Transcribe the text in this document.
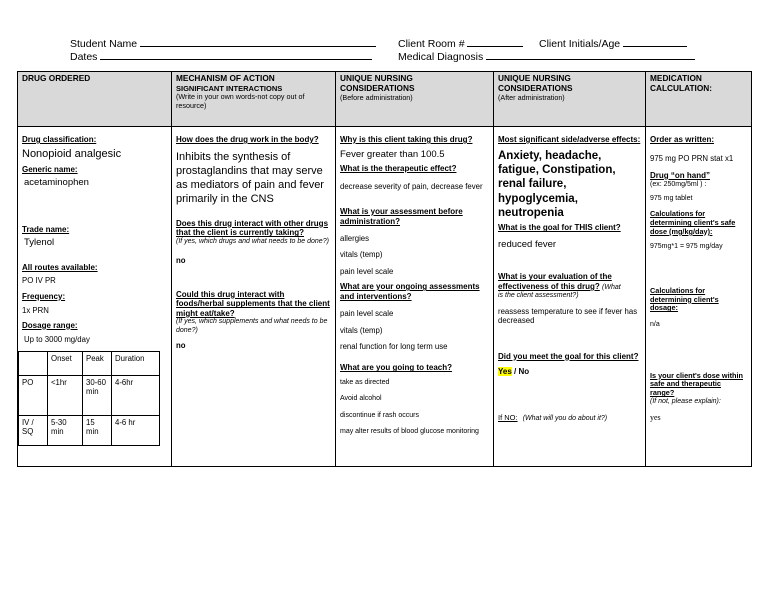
Student Name
Dates
Client Room #	Client Initials/Age
Medical Diagnosis
DRUG ORDERED	MECHANISM OF ACTION
SIGNIFICANT INTERACTIONS
(Write in your own words-not copy out of resource)

UNIQUE NURSING CONSIDERATIONS
(Before administration)

UNIQUE NURSING CONSIDERATIONS
(After administration)

MEDICATION CALCULATION:

Drug classification:
Nonopioid analgesic
Generic name:
acetaminophen
Trade name:
Tylenol
All routes available:
PO IV PR
Frequency:
1x PRN
Dosage range:
Up to 3000 mg/day
	Onset	Peak	Duration
PO	<1hr	30-60 min	4-6hr
IV / SQ	5-30 min	15 min	4-6 hr

How does the drug work in the body?
Inhibits the synthesis of prostaglandins that may serve as mediators of pain and fever primarily in the CNS
Does this drug interact with other drugs that the client is currently taking?
(If yes, which drugs and what needs to be done?)
no
Could this drug interact with foods/herbal supplements that the client might eat/take?
(If yes, which supplements and what needs to be done?)
no

Why is this client taking this drug?
Fever greater than 100.5
What is the therapeutic effect?
decrease severity of pain, decrease fever
What is your assessment before administration?
allergies
vitals (temp)
pain level scale
What are your ongoing assessments and interventions?
pain level scale
vitals (temp)
renal function for long term use
What are you going to teach?
take as directed
Avoid alcohol
discontinue if rash occurs
may alter results of blood glucose monitoring

Most significant side/adverse effects:
Anxiety, headache, fatigue, Constipation, renal failure, hypoglycemia, neutropenia
What is the goal for THIS client?
reduced fever
What is your evaluation of the effectiveness of this drug? (What
is the client assessment?)
reassess temperature to see if fever has decreased
Did you meet the goal for this client?
Yes / No
If NO: (What will you do about it?)

Order as written:
975 mg PO PRN stat x1
Drug “on hand”
(ex: 250mg/5ml ) :
975 mg tablet
Calculations for determining client's safe dose (mg/kg/day):
975mg*1 = 975 mg/day
Calculations for determining client's dosage:
n/a
Is your client's dose within safe and therapeutic range?
(If not, please explain):
yes
